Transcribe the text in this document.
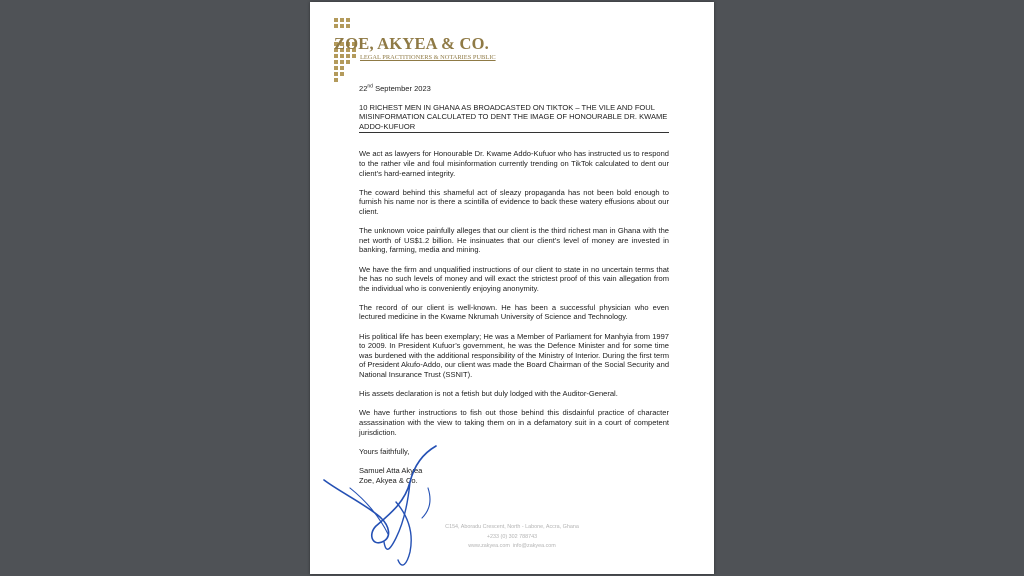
ZOE, AKYEA & CO.
LEGAL PRACTITIONERS & NOTARIES PUBLIC
22nd September 2023
10 RICHEST MEN IN GHANA AS BROADCASTED ON TIKTOK – THE VILE AND FOUL MISINFORMATION CALCULATED TO DENT THE IMAGE OF HONOURABLE DR. KWAME ADDO-KUFUOR
We act as lawyers for Honourable Dr. Kwame Addo-Kufuor who has instructed us to respond to the rather vile and foul misinformation currently trending on TikTok calculated to dent our client’s hard-earned integrity.
The coward behind this shameful act of sleazy propaganda has not been bold enough to furnish his name nor is there a scintilla of evidence to back these watery effusions about our client.
The unknown voice painfully alleges that our client is the third richest man in Ghana with the net worth of US$1.2 billion. He insinuates that our client’s level of money are invested in banking, farming, media and mining.
We have the firm and unqualified instructions of our client to state in no uncertain terms that he has no such levels of money and will exact the strictest proof of this vain allegation from the individual who is conveniently enjoying anonymity.
The record of our client is well-known. He has been a successful physician who even lectured medicine in the Kwame Nkrumah University of Science and Technology.
His political life has been exemplary; He was a Member of Parliament for Manhyia from 1997 to 2009. In President Kufuor’s government, he was the Defence Minister and for some time was burdened with the additional responsibility of the Ministry of Interior. During the first term of President Akufo-Addo, our client was made the Board Chairman of the Social Security and National Insurance Trust (SSNIT).
His assets declaration is not a fetish but duly lodged with the Auditor-General.
We have further instructions to fish out those behind this disdainful practice of character assassination with the view to taking them on in a defamatory suit in a court of competent jurisdiction.
Yours faithfully,
Samuel Atta Akyea
Zoe, Akyea & Co.
C154, Aboradu Crescent, North - Labone, Accra, Ghana
+233 (0) 302 788743
www.zakyea.com info@zakyea.com
